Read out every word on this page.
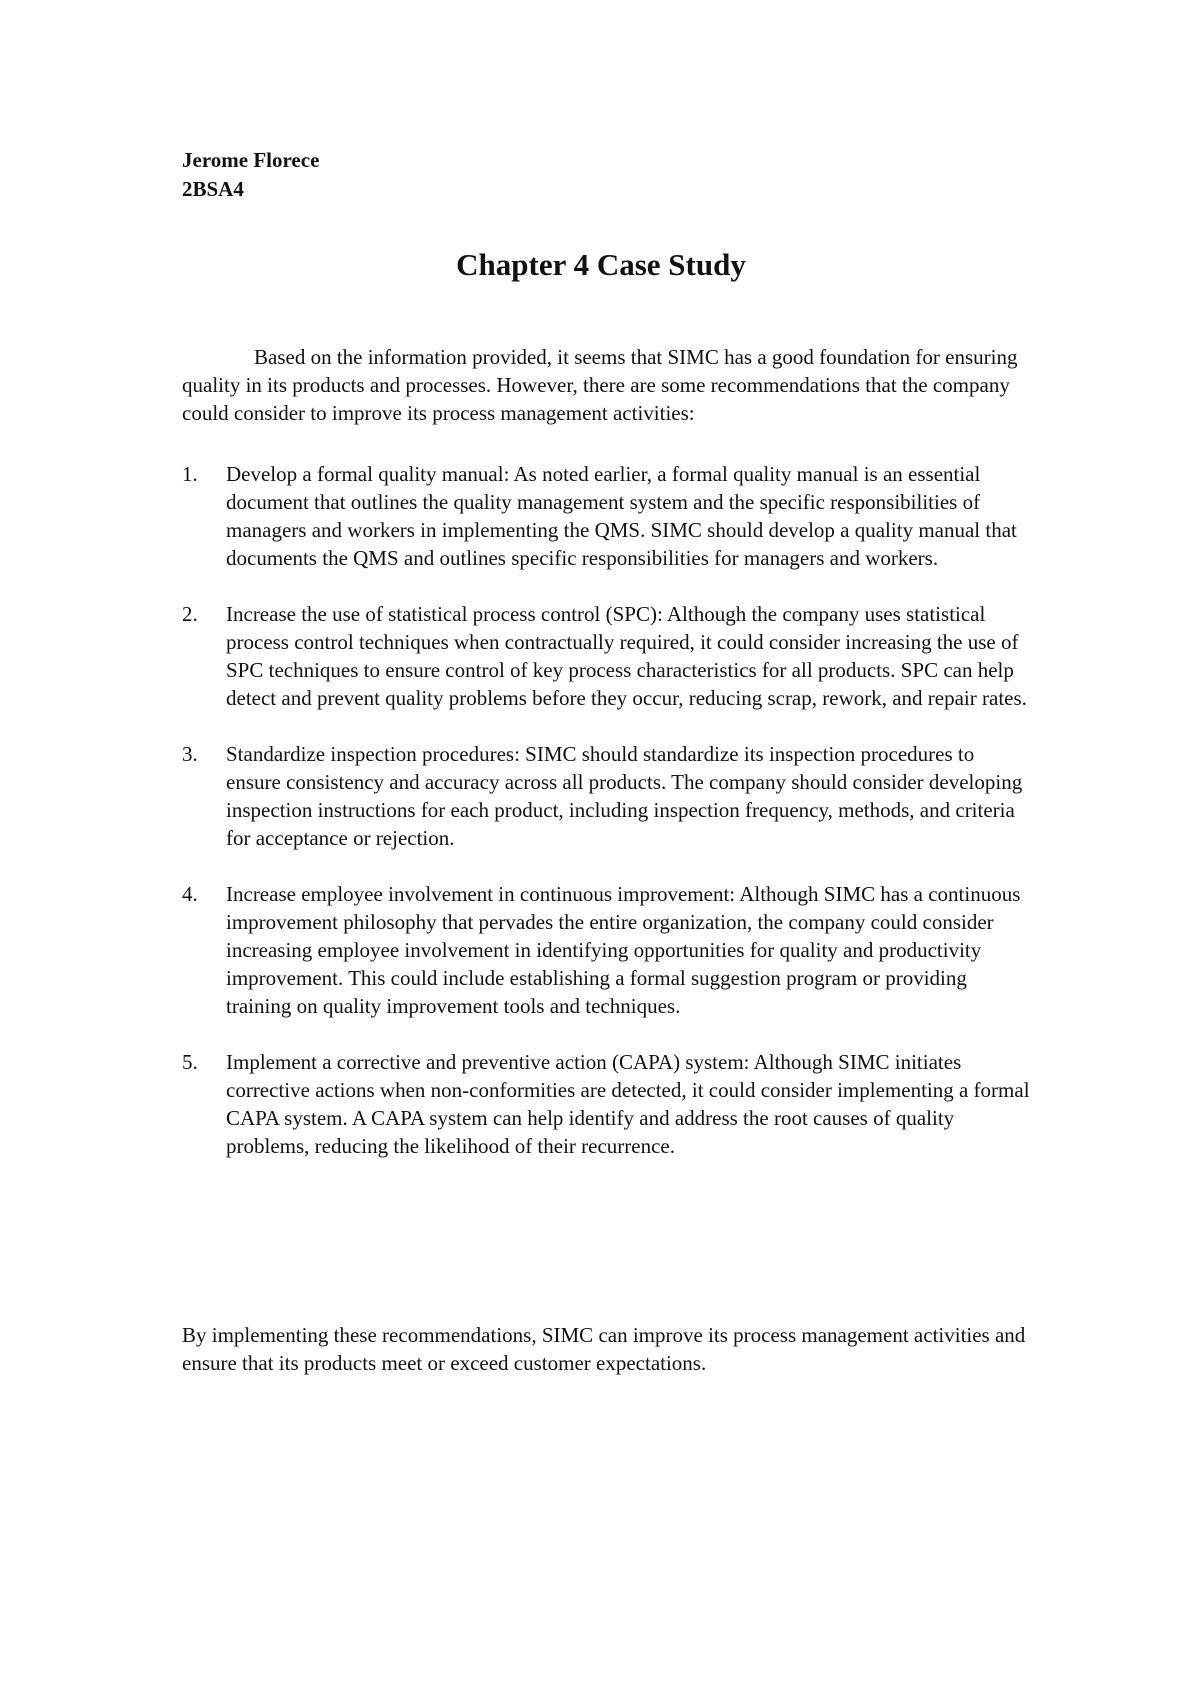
Jerome Florece
2BSA4
Chapter 4 Case Study

Based on the information provided, it seems that SIMC has a good foundation for ensuring quality in its products and processes. However, there are some recommendations that the company could consider to improve its process management activities:

1. Develop a formal quality manual: As noted earlier, a formal quality manual is an essential document that outlines the quality management system and the specific responsibilities of managers and workers in implementing the QMS. SIMC should develop a quality manual that documents the QMS and outlines specific responsibilities for managers and workers.
2. Increase the use of statistical process control (SPC): Although the company uses statistical process control techniques when contractually required, it could consider increasing the use of SPC techniques to ensure control of key process characteristics for all products. SPC can help detect and prevent quality problems before they occur, reducing scrap, rework, and repair rates.
3. Standardize inspection procedures: SIMC should standardize its inspection procedures to ensure consistency and accuracy across all products. The company should consider developing inspection instructions for each product, including inspection frequency, methods, and criteria for acceptance or rejection.
4. Increase employee involvement in continuous improvement: Although SIMC has a continuous improvement philosophy that pervades the entire organization, the company could consider increasing employee involvement in identifying opportunities for quality and productivity improvement. This could include establishing a formal suggestion program or providing training on quality improvement tools and techniques.
5. Implement a corrective and preventive action (CAPA) system: Although SIMC initiates corrective actions when non-conformities are detected, it could consider implementing a formal CAPA system. A CAPA system can help identify and address the root causes of quality problems, reducing the likelihood of their recurrence.

By implementing these recommendations, SIMC can improve its process management activities and ensure that its products meet or exceed customer expectations.
